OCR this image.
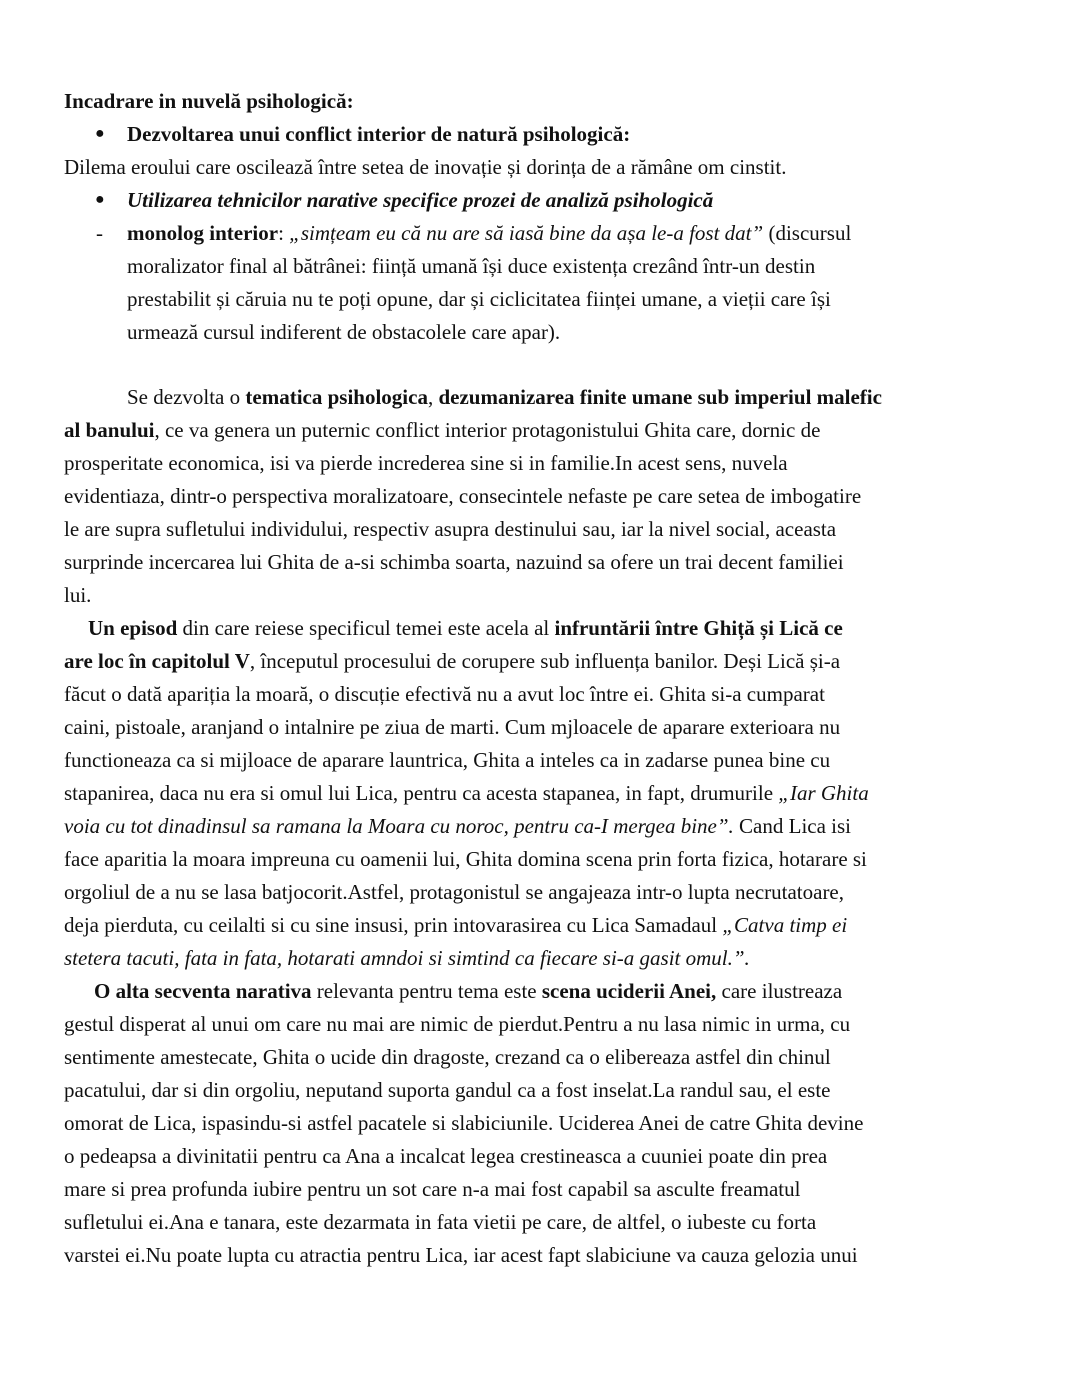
Incadrare in nuvelă psihologică:
● Dezvoltarea unui conflict interior de natură psihologică:
Dilema eroului care oscilează între setea de inovație și dorința de a rămâne om cinstit.
● Utilizarea tehnicilor narative specifice prozei de analiză psihologică
- monolog interior: „simțeam eu că nu are să iasă bine da așa le-a fost dat” (discursul
moralizator final al bătrânei: ființă umană își duce existența crezând într-un destin
prestabilit și căruia nu te poți opune, dar și ciclicitatea ființei umane, a vieții care își
urmează cursul indiferent de obstacolele care apar).
Se dezvolta o tematica psihologica, dezumanizarea finite umane sub imperiul malefic
al banului, ce va genera un puternic conflict interior protagonistului Ghita care, dornic de
prosperitate economica, isi va pierde increderea sine si in familie.In acest sens, nuvela
evidentiaza, dintr-o perspectiva moralizatoare, consecintele nefaste pe care setea de imbogatire
le are supra sufletului individului, respectiv asupra destinului sau, iar la nivel social, aceasta
surprinde incercarea lui Ghita de a-si schimba soarta, nazuind sa ofere un trai decent familiei
lui.
Un episod din care reiese specificul temei este acela al infruntării între Ghiță și Lică ce
are loc în capitolul V, începutul procesului de corupere sub influența banilor. Deși Lică și-a
făcut o dată apariția la moară, o discuție efectivă nu a avut loc între ei. Ghita si-a cumparat
caini, pistoale, aranjand o intalnire pe ziua de marti. Cum mjloacele de aparare exterioara nu
functioneaza ca si mijloace de aparare launtrica, Ghita a inteles ca in zadarse punea bine cu
stapanirea, daca nu era si omul lui Lica, pentru ca acesta stapanea, in fapt, drumurile „Iar Ghita
voia cu tot dinadinsul sa ramana la Moara cu noroc, pentru ca-I mergea bine”. Cand Lica isi
face aparitia la moara impreuna cu oamenii lui, Ghita domina scena prin forta fizica, hotarare si
orgoliul de a nu se lasa batjocorit.Astfel, protagonistul se angajeaza intr-o lupta necrutatoare,
deja pierduta, cu ceilalti si cu sine insusi, prin intovarasirea cu Lica Samadaul „Catva timp ei
stetera tacuti, fata in fata, hotarati amndoi si simtind ca fiecare si-a gasit omul.”.
O alta secventa narativa relevanta pentru tema este scena uciderii Anei, care ilustreaza
gestul disperat al unui om care nu mai are nimic de pierdut.Pentru a nu lasa nimic in urma, cu
sentimente amestecate, Ghita o ucide din dragoste, crezand ca o elibereaza astfel din chinul
pacatului, dar si din orgoliu, neputand suporta gandul ca a fost inselat.La randul sau, el este
omorat de Lica, ispasindu-si astfel pacatele si slabiciunile. Uciderea Anei de catre Ghita devine
o pedeapsa a divinitatii pentru ca Ana a incalcat legea crestineasca a cuuniei poate din prea
mare si prea profunda iubire pentru un sot care n-a mai fost capabil sa asculte freamatul
sufletului ei.Ana e tanara, este dezarmata in fata vietii pe care, de altfel, o iubeste cu forta
varstei ei.Nu poate lupta cu atractia pentru Lica, iar acest fapt slabiciune va cauza gelozia unui
